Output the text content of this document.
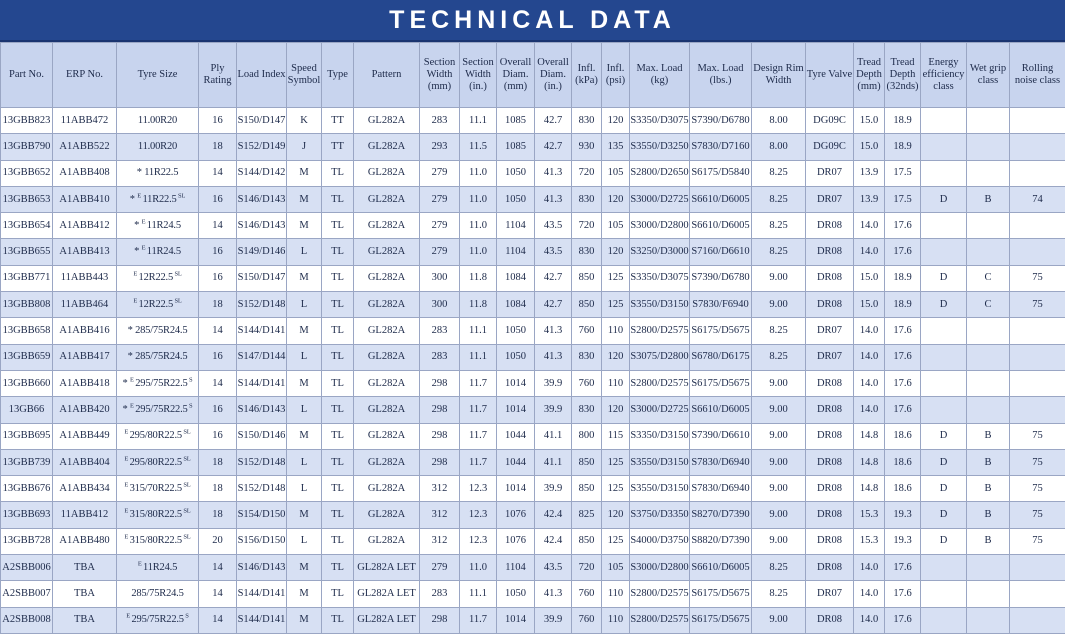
TECHNICAL DATA
Part No.	ERP No.	Tyre Size	Ply Rating	Load Index	Speed Symbol	Type	Pattern	Section Width (mm)	Section Width (in.)	Overall Diam. (mm)	Overall Diam. (in.)	Infl. (kPa)	Infl. (psi)	Max. Load (kg)	Max. Load (lbs.)	Design Rim Width	Tyre Valve	Tread Depth (mm)	Tread Depth (32nds)	Energy efficiency class	Wet grip class	Rolling noise class
13GBB823	11ABB472	11.00R20	16	S150/D147	K	TT	GL282A	283	11.1	1085	42.7	830	120	S3350/D3075	S7390/D6780	8.00	DG09C	15.0	18.9			
13GBB790	A1ABB522	11.00R20	18	S152/D149	J	TT	GL282A	293	11.5	1085	42.7	930	135	S3550/D3250	S7830/D7160	8.00	DG09C	15.0	18.9			
13GBB652	A1ABB408	* 11R22.5	14	S144/D142	M	TL	GL282A	279	11.0	1050	41.3	720	105	S2800/D2650	S6175/D5840	8.25	DR07	13.9	17.5			
13GBB653	A1ABB410	* $^E$ 11R22.5 $^{SL}$	16	S146/D143	M	TL	GL282A	279	11.0	1050	41.3	830	120	S3000/D2725	S6610/D6005	8.25	DR07	13.9	17.5	D	B	74
13GBB654	A1ABB412	* $^E$ 11R24.5	14	S146/D143	M	TL	GL282A	279	11.0	1104	43.5	720	105	S3000/D2800	S6610/D6005	8.25	DR08	14.0	17.6			
13GBB655	A1ABB413	* $^E$ 11R24.5	16	S149/D146	L	TL	GL282A	279	11.0	1104	43.5	830	120	S3250/D3000	S7160/D6610	8.25	DR08	14.0	17.6			
13GBB771	11ABB443	$^E$ 12R22.5 $^{SL}$	16	S150/D147	M	TL	GL282A	300	11.8	1084	42.7	850	125	S3350/D3075	S7390/D6780	9.00	DR08	15.0	18.9	D	C	75
13GBB808	11ABB464	$^E$ 12R22.5 $^{SL}$	18	S152/D148	L	TL	GL282A	300	11.8	1084	42.7	850	125	S3550/D3150	S7830/F6940	9.00	DR08	15.0	18.9	D	C	75
13GBB658	A1ABB416	* 285/75R24.5	14	S144/D141	M	TL	GL282A	283	11.1	1050	41.3	760	110	S2800/D2575	S6175/D5675	8.25	DR07	14.0	17.6			
13GBB659	A1ABB417	* 285/75R24.5	16	S147/D144	L	TL	GL282A	283	11.1	1050	41.3	830	120	S3075/D2800	S6780/D6175	8.25	DR07	14.0	17.6			
13GBB660	A1ABB418	* $^E$ 295/75R22.5 $^S$	14	S144/D141	M	TL	GL282A	298	11.7	1014	39.9	760	110	S2800/D2575	S6175/D5675	9.00	DR08	14.0	17.6			
13GB66	A1ABB420	* $^E$ 295/75R22.5 $^S$	16	S146/D143	L	TL	GL282A	298	11.7	1014	39.9	830	120	S3000/D2725	S6610/D6005	9.00	DR08	14.0	17.6			
13GBB695	A1ABB449	$^E$ 295/80R22.5 $^{SL}$	16	S150/D146	M	TL	GL282A	298	11.7	1044	41.1	800	115	S3350/D3150	S7390/D6610	9.00	DR08	14.8	18.6	D	B	75
13GBB739	A1ABB404	$^E$ 295/80R22.5 $^{SL}$	18	S152/D148	L	TL	GL282A	298	11.7	1044	41.1	850	125	S3550/D3150	S7830/D6940	9.00	DR08	14.8	18.6	D	B	75
13GBB676	A1ABB434	$^E$ 315/70R22.5 $^{SL}$	18	S152/D148	L	TL	GL282A	312	12.3	1014	39.9	850	125	S3550/D3150	S7830/D6940	9.00	DR08	14.8	18.6	D	B	75
13GBB693	11ABB412	$^E$ 315/80R22.5 $^{SL}$	18	S154/D150	M	TL	GL282A	312	12.3	1076	42.4	825	120	S3750/D3350	S8270/D7390	9.00	DR08	15.3	19.3	D	B	75
13GBB728	A1ABB480	$^E$ 315/80R22.5 $^{SL}$	20	S156/D150	L	TL	GL282A	312	12.3	1076	42.4	850	125	S4000/D3750	S8820/D7390	9.00	DR08	15.3	19.3	D	B	75
A2SBB006	TBA	$^E$ 11R24.5	14	S146/D143	M	TL	GL282A LET	279	11.0	1104	43.5	720	105	S3000/D2800	S6610/D6005	8.25	DR08	14.0	17.6			
A2SBB007	TBA	285/75R24.5	14	S144/D141	M	TL	GL282A LET	283	11.1	1050	41.3	760	110	S2800/D2575	S6175/D5675	8.25	DR07	14.0	17.6			
A2SBB008	TBA	$^E$ 295/75R22.5 $^S$	14	S144/D141	M	TL	GL282A LET	298	11.7	1014	39.9	760	110	S2800/D2575	S6175/D5675	9.00	DR08	14.0	17.6			
